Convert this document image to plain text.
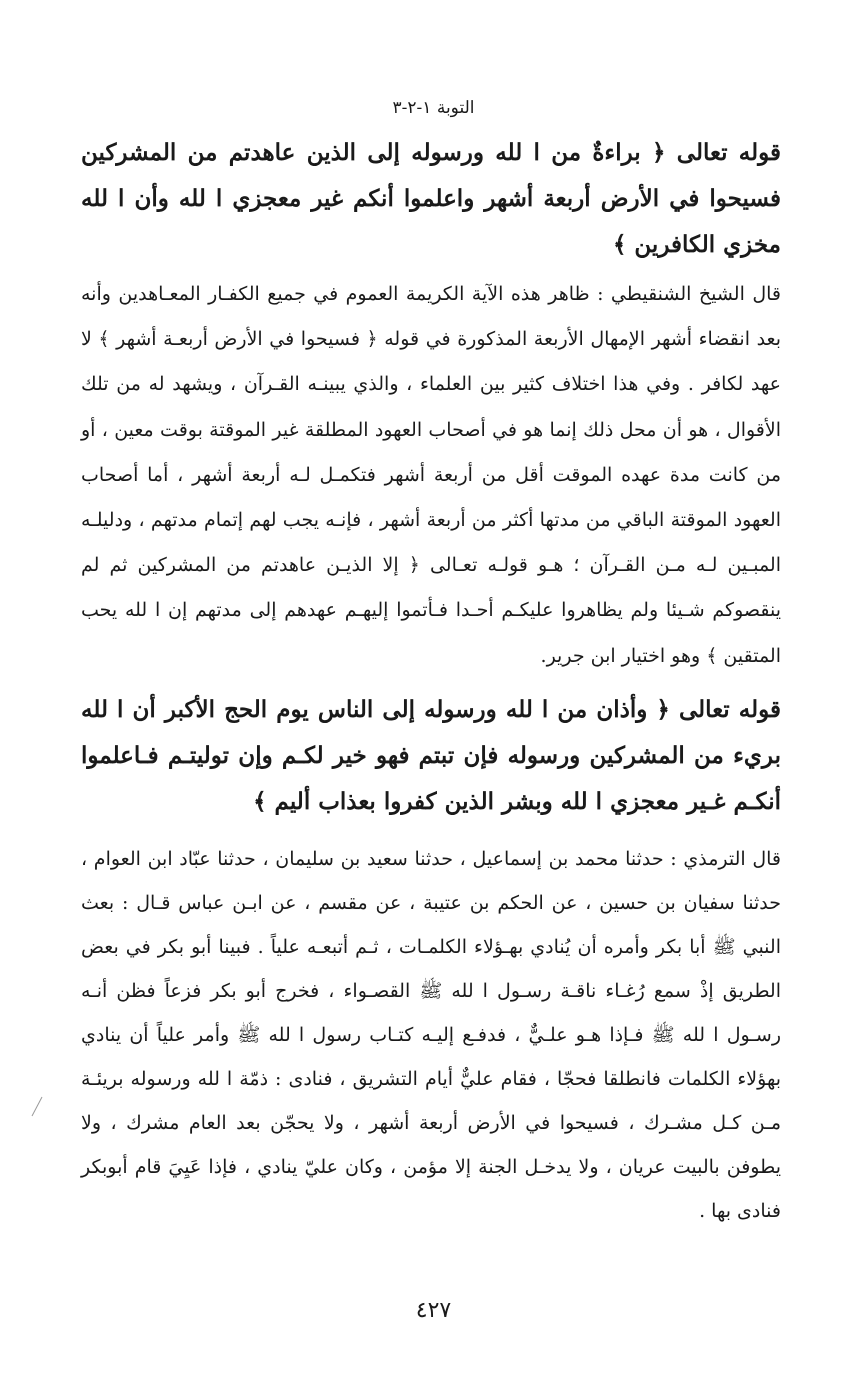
التوبة ١-٢-٣

قوله تعالى ﴿ براءةٌ من ا لله ورسوله إلى الذين عاهدتم من المشركين فسيحوا في الأرض أربعة أشهر واعلموا أنكم غير معجزي ا لله وأن ا لله مخزي الكافرين ﴾

قال الشيخ الشنقيطي : ظاهر هذه الآية الكريمة العموم في جميع الكفـار المعـاهدين وأنه بعد انقضاء أشهر الإمهال الأربعة المذكورة في قوله ﴿ فسيحوا في الأرض أربعـة أشهر ﴾ لا عهد لكافر . وفي هذا اختلاف كثير بين العلماء ، والذي يبينـه القـرآن ، ويشهد له من تلك الأقوال ، هو أن محل ذلك إنما هو في أصحاب العهود المطلقة غير الموقتة بوقت معين ، أو من كانت مدة عهده الموقت أقل من أربعة أشهر فتكمـل لـه أربعة أشهر ، أما أصحاب العهود الموقتة الباقي من مدتها أكثر من أربعة أشهر ، فإنـه يجب لهم إتمام مدتهم ، ودليلـه المبـين لـه مـن القـرآن ؛ هـو قولـه تعـالى ﴿ إلا الذيـن عاهدتم من المشركين ثم لم ينقصوكم شـيئا ولم يظاهروا عليكـم أحـدا فـأتموا إليهـم عهدهم إلى مدتهم إن ا لله يحب المتقين ﴾ وهو اختيار ابن جرير.

قوله تعالى ﴿ وأذان من ا لله ورسوله إلى الناس يوم الحج الأكبر أن ا لله بريء من المشركين ورسوله فإن تبتم فهو خير لكـم وإن توليتـم فـاعلموا أنكـم غـير معجزي ا لله وبشر الذين كفروا بعذاب أليم ﴾

قال الترمذي : حدثنا محمد بن إسماعيل ، حدثنا سعيد بن سليمان ، حدثنا عبّاد ابن العوام ، حدثنا سفيان بن حسين ، عن الحكم بن عتيبة ، عن مقسم ، عن ابـن عباس قـال : بعث النبي ﷺ أبا بكر وأمره أن يُنادي بهـؤلاء الكلمـات ، ثـم أتبعـه علياً . فبينا أبو بكر في بعض الطريق إذْ سمع رُغـاء ناقـة رسـول ا لله ﷺ القصـواء ، فخرج أبو بكر فزعاً فظن أنـه رسـول ا لله ﷺ فـإذا هـو علـيٌّ ، فدفـع إليـه كتـاب رسول ا لله ﷺ وأمر علياً أن ينادي بهؤلاء الكلمات فانطلقا فحجّا ، فقام عليٌّ أيام التشريق ، فنادى : ذمّة ا لله ورسوله بريئـة مـن كـل مشـرك ، فسيحوا في الأرض أربعة أشهر ، ولا يحجّن بعد العام مشرك ، ولا يطوفن بالبيت عريان ، ولا يدخـل الجنة إلا مؤمن ، وكان عليّ ينادي ، فإذا عَيِيَ قام أبوبكر فنادى بها .

٤٢٧
